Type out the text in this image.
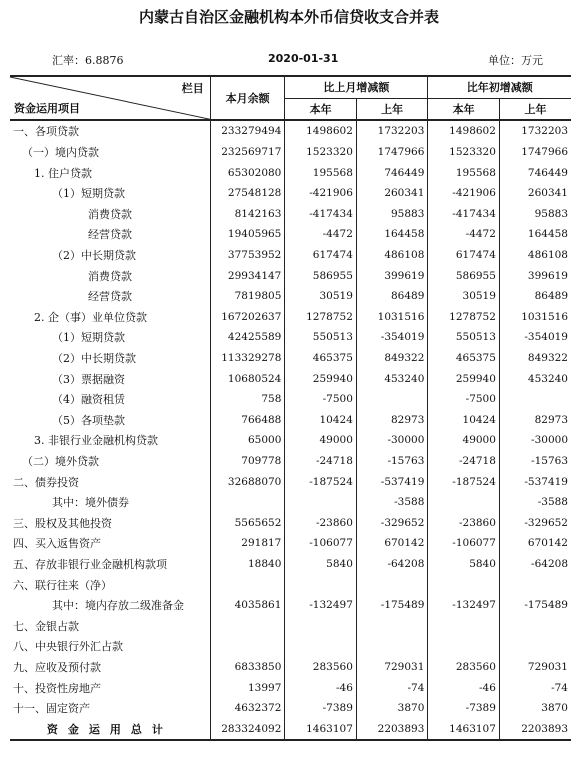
内蒙古自治区金融机构本外币信贷收支合并表
汇率：6.8876	2020-01-31	单位：万元
栏目
资金运用项目	本月余额	比上月增减额		比年初增减额	
		本年	上年	本年	上年
一、各项贷款	233279494	1498602	1732203	1498602	1732203
（一）境内贷款	232569717	1523320	1747966	1523320	1747966
1. 住户贷款	65302080	195568	746449	195568	746449
（1）短期贷款	27548128	-421906	260341	-421906	260341
消费贷款	8142163	-417434	95883	-417434	95883
经营贷款	19405965	-4472	164458	-4472	164458
（2）中长期贷款	37753952	617474	486108	617474	486108
消费贷款	29934147	586955	399619	586955	399619
经营贷款	7819805	30519	86489	30519	86489
2. 企（事）业单位贷款	167202637	1278752	1031516	1278752	1031516
（1）短期贷款	42425589	550513	-354019	550513	-354019
（2）中长期贷款	113329278	465375	849322	465375	849322
（3）票据融资	10680524	259940	453240	259940	453240
（4）融资租赁	758	-7500		-7500	
（5）各项垫款	766488	10424	82973	10424	82973
3. 非银行业金融机构贷款	65000	49000	-30000	49000	-30000
（二）境外贷款	709778	-24718	-15763	-24718	-15763
二、债券投资	32688070	-187524	-537419	-187524	-537419
其中：境外债券			-3588		-3588
三、股权及其他投资	5565652	-23860	-329652	-23860	-329652
四、买入返售资产	291817	-106077	670142	-106077	670142
五、存放非银行业金融机构款项	18840	5840	-64208	5840	-64208
六、联行往来（净）					
其中：境内存放二级准备金	4035861	-132497	-175489	-132497	-175489
七、金银占款					
八、中央银行外汇占款					
九、应收及预付款	6833850	283560	729031	283560	729031
十、投资性房地产	13997	-46	-74	-46	-74
十一、固定资产	4632372	-7389	3870	-7389	3870
资金运用总计	283324092	1463107	2203893	1463107	2203893
